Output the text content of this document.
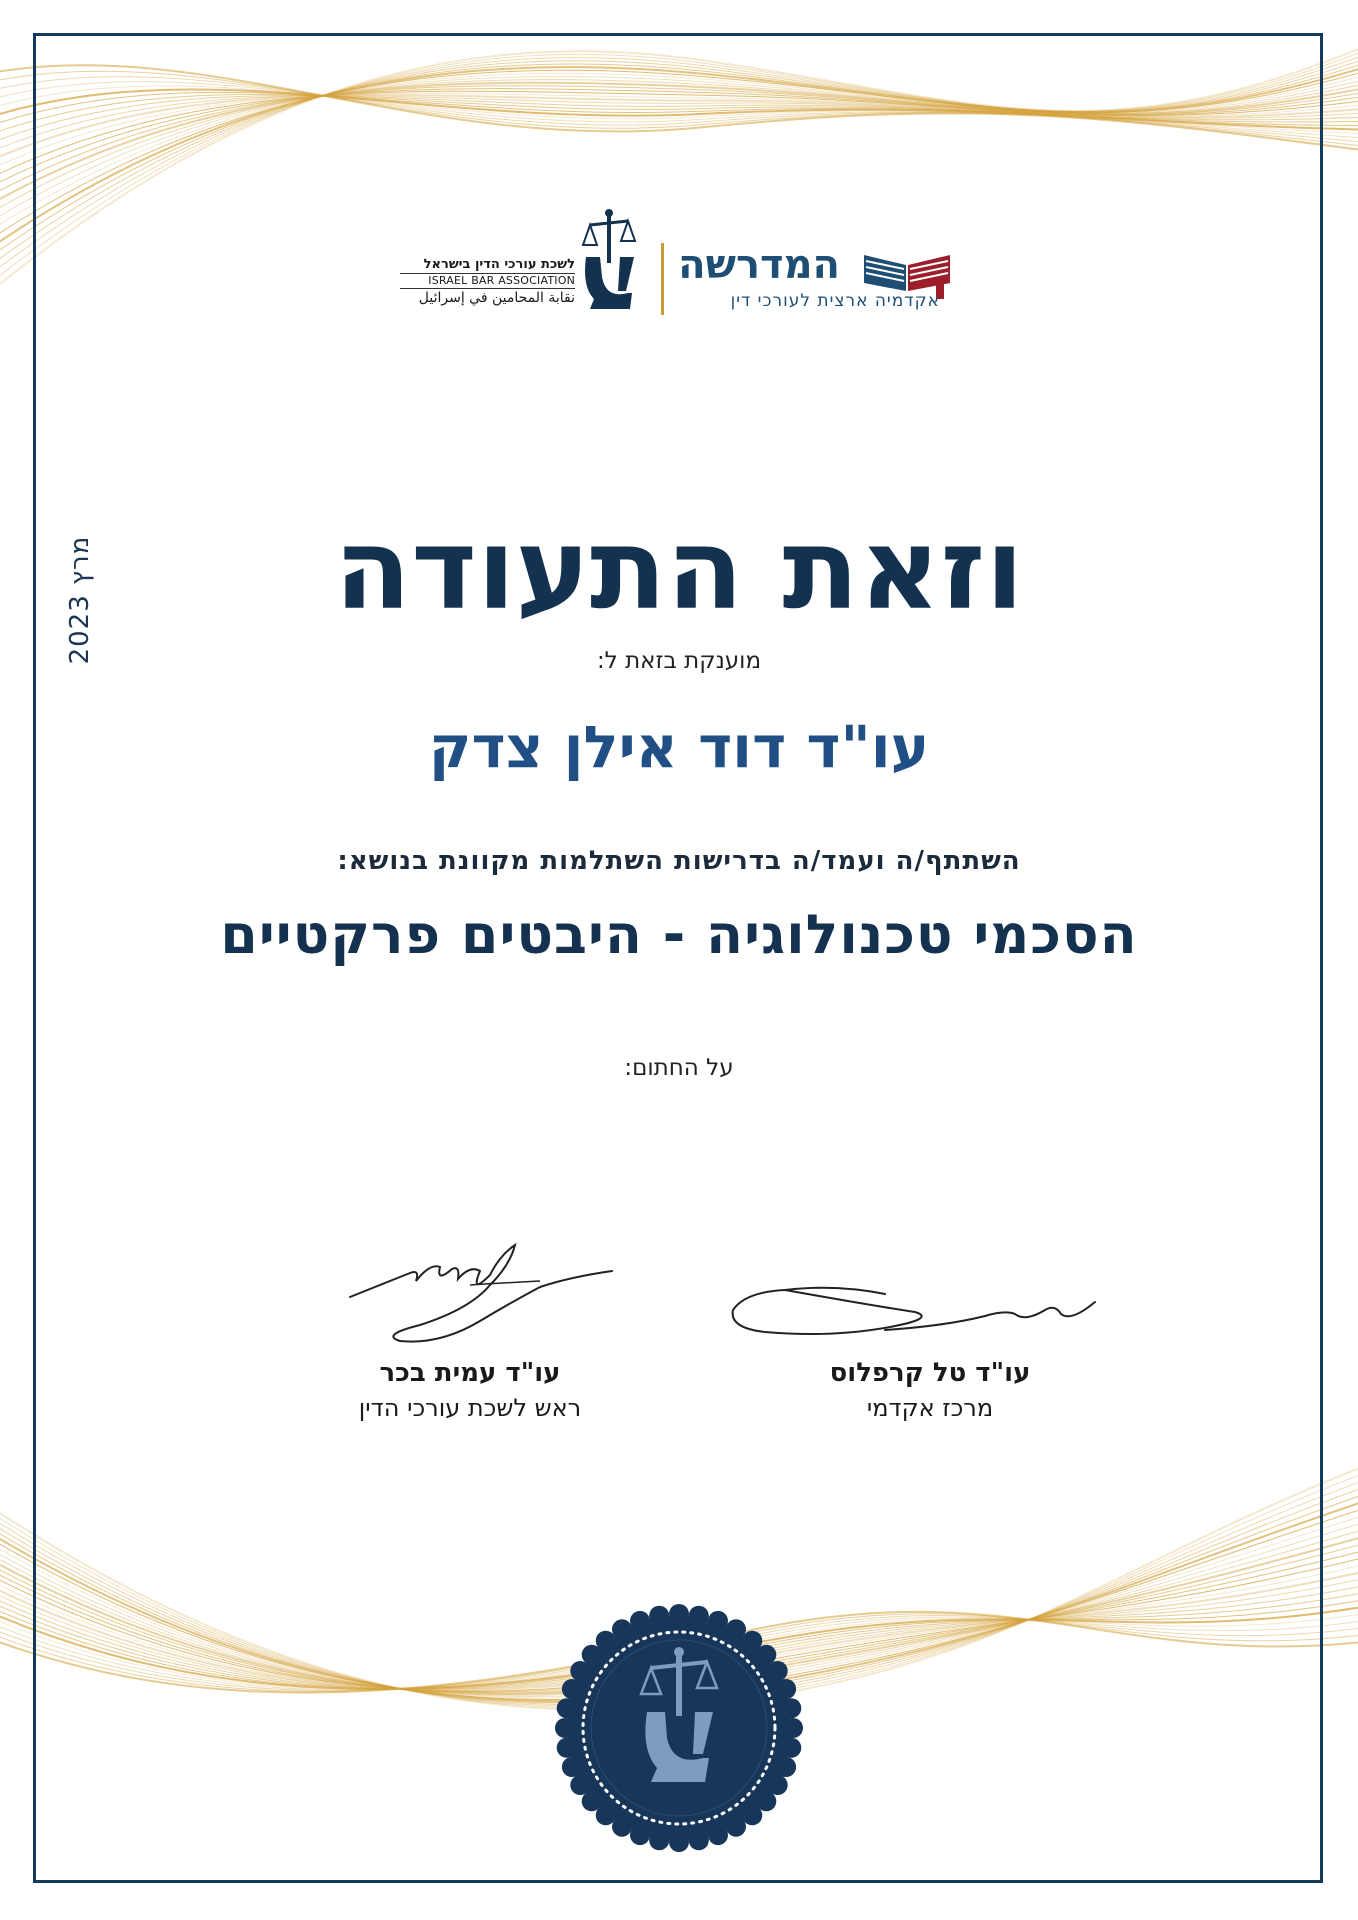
מרץ 2023
לשכת עורכי הדין בישראל
ISRAEL BAR ASSOCIATION
نقابة المحامين في إسرائيل
המדרשה
אקדמיה ארצית לעורכי דין
וזאת התעודה
מוענקת בזאת ל:
עו"ד דוד אילן צדק
השתתף/ה ועמד/ה בדרישות השתלמות מקוונת בנושא:
הסכמי טכנולוגיה - היבטים פרקטיים
על החתום:
עו"ד עמית בכר
ראש לשכת עורכי הדין
עו"ד טל קרפלוס
מרכז אקדמי
